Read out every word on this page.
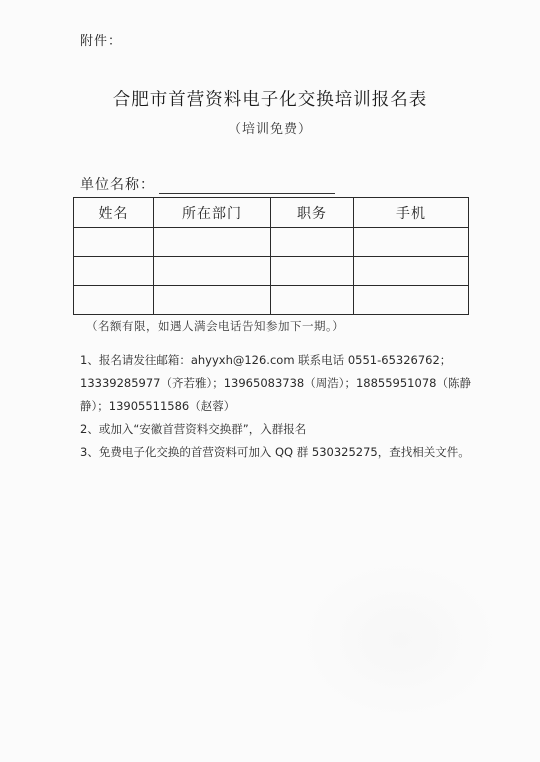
附件：
合肥市首营资料电子化交换培训报名表
（培训免费）
单位名称：
姓名	所在部门	职务	手机

（名额有限，如遇人满会电话告知参加下一期。）

1、报名请发往邮箱：ahyyxh@126.com 联系电话 0551-65326762；13339285977（齐若雅）；13965083738（周浩）；18855951078（陈静静）；13905511586（赵蓉）

2、或加入“安徽首营资料交换群”，入群报名

3、免费电子化交换的首营资料可加入 QQ 群 530325275，查找相关文件。
